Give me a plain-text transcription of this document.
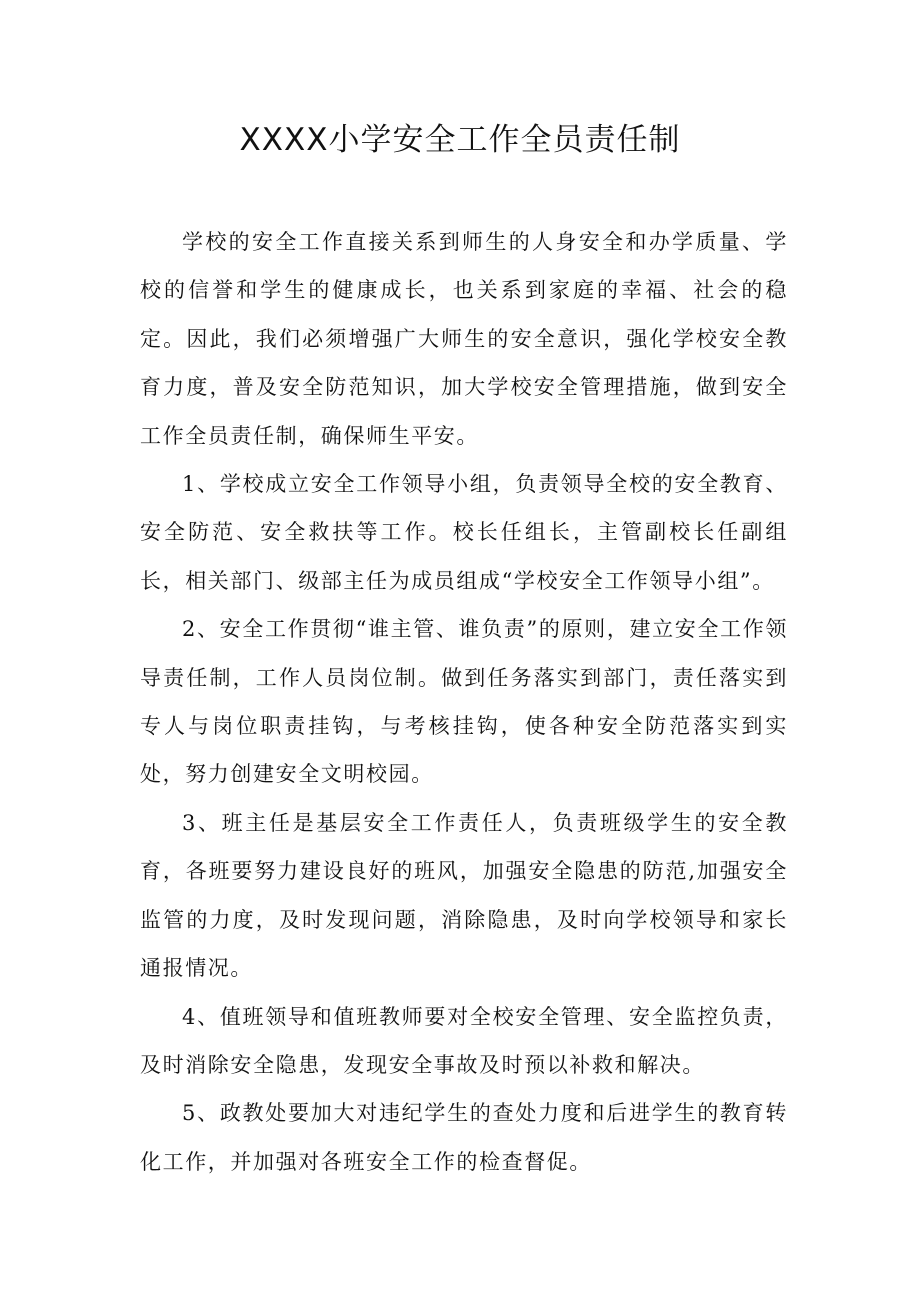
XXXX小学安全工作全员责任制

学校的安全工作直接关系到师生的人身安全和办学质量、学校的信誉和学生的健康成长，也关系到家庭的幸福、社会的稳定。因此，我们必须增强广大师生的安全意识，强化学校安全教育力度，普及安全防范知识，加大学校安全管理措施，做到安全工作全员责任制，确保师生平安。

1、学校成立安全工作领导小组，负责领导全校的安全教育、安全防范、安全救扶等工作。校长任组长，主管副校长任副组长，相关部门、级部主任为成员组成“学校安全工作领导小组”。

2、安全工作贯彻“谁主管、谁负责”的原则，建立安全工作领导责任制，工作人员岗位制。做到任务落实到部门，责任落实到专人与岗位职责挂钩，与考核挂钩，使各种安全防范落实到实处，努力创建安全文明校园。

3、班主任是基层安全工作责任人，负责班级学生的安全教育，各班要努力建设良好的班风，加强安全隐患的防范,加强安全监管的力度，及时发现问题，消除隐患，及时向学校领导和家长通报情况。

4、值班领导和值班教师要对全校安全管理、安全监控负责，及时消除安全隐患，发现安全事故及时预以补救和解决。

5、政教处要加大对违纪学生的查处力度和后进学生的教育转化工作，并加强对各班安全工作的检查督促。
